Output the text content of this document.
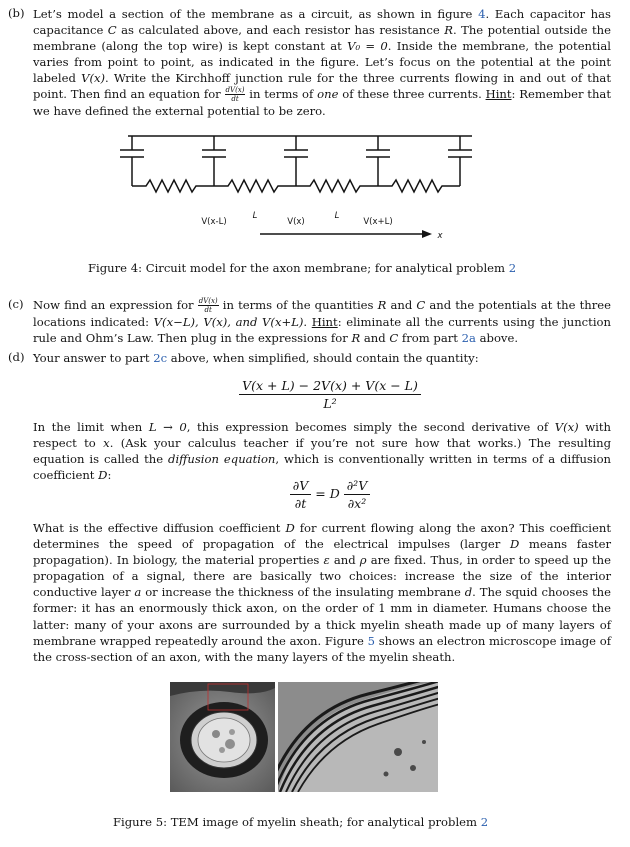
(b) Let’s model a section of the membrane as a circuit, as shown in figure 4. Each capacitor has capacitance C as calculated above, and each resistor has resistance R. The potential outside the membrane (along the top wire) is kept constant at V₀ = 0. Inside the membrane, the potential varies from point to point, as indicated in the figure. Let’s focus on the potential at the point labeled V(x). Write the Kirchhoff junction rule for the three currents flowing in and out of that point. Then find an equation for $\frac{dV(x)}{dt}$ in terms of one of these three currents. Hint: Remember that we have defined the external potential to be zero.
V(x-L)	V(x)	V(x+L)
L	L
x
Figure 4: Circuit model for the axon membrane; for analytical problem 2
(c) Now find an expression for $\frac{dV(x)}{dt}$ in terms of the quantities R and C and the potentials at the three locations indicated: V(x−L), V(x), and V(x+L). Hint: eliminate all the currents using the junction rule and Ohm’s Law. Then plug in the expressions for R and C from part 2a above.
(d) Your answer to part 2c above, when simplified, should contain the quantity:
$\frac{V(x + L) - 2V(x) + V(x - L)}{\text{L²}}$
In the limit when L → 0, this expression becomes simply the second derivative of V(x) with respect to x. (Ask your calculus teacher if you’re not sure how that works.) The resulting equation is called the diffusion equation, which is conventionally written in terms of a diffusion coefficient D:
$\frac{\partial V}{\partial t} = D \frac{\text{∂²V}}{\text{∂x²}}$
What is the effective diffusion coefficient D for current flowing along the axon? This coefficient determines the speed of propagation of the electrical impulses (larger D means faster propagation). In biology, the material properties ε and ρ are fixed. Thus, in order to speed up the propagation of a signal, there are basically two choices: increase the size of the interior conductive layer a or increase the thickness of the insulating membrane d. The squid chooses the former: it has an enormously thick axon, on the order of 1 mm in diameter. Humans choose the latter: many of your axons are surrounded by a thick myelin sheath made up of many layers of membrane wrapped repeatedly around the axon. Figure 5 shows an electron microscope image of the cross-section of an axon, with the many layers of the myelin sheath.
Figure 5: TEM image of myelin sheath; for analytical problem 2
